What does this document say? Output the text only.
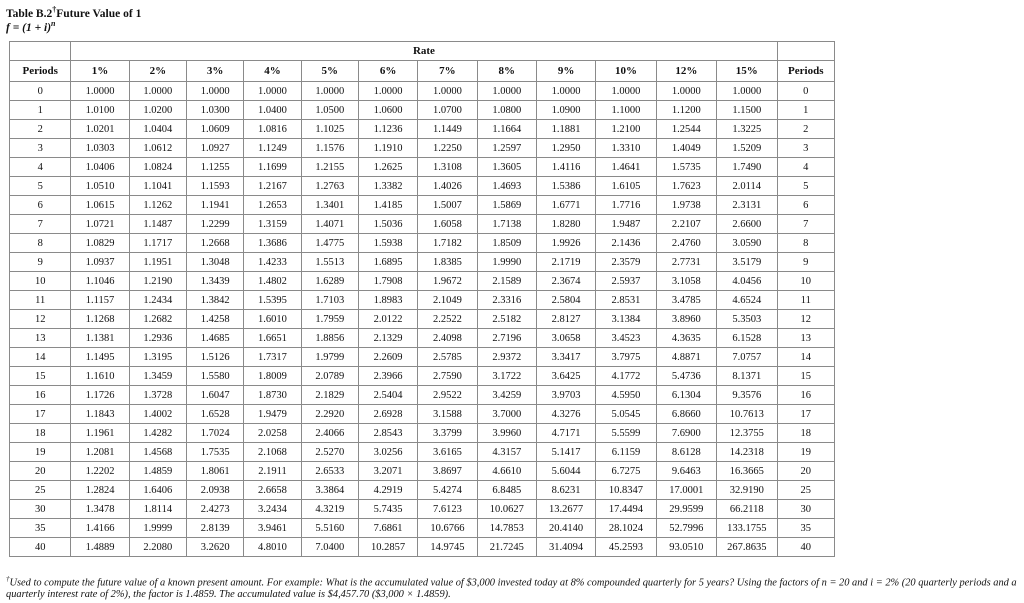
Table B.2†Future Value of 1
$f = (1 + i)^n$
	Rate												
Periods	1%	2%	3%	4%	5%	6%	7%	8%	9%	10%	12%	15%	Periods
0	1.0000	1.0000	1.0000	1.0000	1.0000	1.0000	1.0000	1.0000	1.0000	1.0000	1.0000	1.0000	0
1	1.0100	1.0200	1.0300	1.0400	1.0500	1.0600	1.0700	1.0800	1.0900	1.1000	1.1200	1.1500	1
2	1.0201	1.0404	1.0609	1.0816	1.1025	1.1236	1.1449	1.1664	1.1881	1.2100	1.2544	1.3225	2
3	1.0303	1.0612	1.0927	1.1249	1.1576	1.1910	1.2250	1.2597	1.2950	1.3310	1.4049	1.5209	3
4	1.0406	1.0824	1.1255	1.1699	1.2155	1.2625	1.3108	1.3605	1.4116	1.4641	1.5735	1.7490	4
5	1.0510	1.1041	1.1593	1.2167	1.2763	1.3382	1.4026	1.4693	1.5386	1.6105	1.7623	2.0114	5
6	1.0615	1.1262	1.1941	1.2653	1.3401	1.4185	1.5007	1.5869	1.6771	1.7716	1.9738	2.3131	6
7	1.0721	1.1487	1.2299	1.3159	1.4071	1.5036	1.6058	1.7138	1.8280	1.9487	2.2107	2.6600	7
8	1.0829	1.1717	1.2668	1.3686	1.4775	1.5938	1.7182	1.8509	1.9926	2.1436	2.4760	3.0590	8
9	1.0937	1.1951	1.3048	1.4233	1.5513	1.6895	1.8385	1.9990	2.1719	2.3579	2.7731	3.5179	9
10	1.1046	1.2190	1.3439	1.4802	1.6289	1.7908	1.9672	2.1589	2.3674	2.5937	3.1058	4.0456	10
11	1.1157	1.2434	1.3842	1.5395	1.7103	1.8983	2.1049	2.3316	2.5804	2.8531	3.4785	4.6524	11
12	1.1268	1.2682	1.4258	1.6010	1.7959	2.0122	2.2522	2.5182	2.8127	3.1384	3.8960	5.3503	12
13	1.1381	1.2936	1.4685	1.6651	1.8856	2.1329	2.4098	2.7196	3.0658	3.4523	4.3635	6.1528	13
14	1.1495	1.3195	1.5126	1.7317	1.9799	2.2609	2.5785	2.9372	3.3417	3.7975	4.8871	7.0757	14
15	1.1610	1.3459	1.5580	1.8009	2.0789	2.3966	2.7590	3.1722	3.6425	4.1772	5.4736	8.1371	15
16	1.1726	1.3728	1.6047	1.8730	2.1829	2.5404	2.9522	3.4259	3.9703	4.5950	6.1304	9.3576	16
17	1.1843	1.4002	1.6528	1.9479	2.2920	2.6928	3.1588	3.7000	4.3276	5.0545	6.8660	10.7613	17
18	1.1961	1.4282	1.7024	2.0258	2.4066	2.8543	3.3799	3.9960	4.7171	5.5599	7.6900	12.3755	18
19	1.2081	1.4568	1.7535	2.1068	2.5270	3.0256	3.6165	4.3157	5.1417	6.1159	8.6128	14.2318	19
20	1.2202	1.4859	1.8061	2.1911	2.6533	3.2071	3.8697	4.6610	5.6044	6.7275	9.6463	16.3665	20
25	1.2824	1.6406	2.0938	2.6658	3.3864	4.2919	5.4274	6.8485	8.6231	10.8347	17.0001	32.9190	25
30	1.3478	1.8114	2.4273	3.2434	4.3219	5.7435	7.6123	10.0627	13.2677	17.4494	29.9599	66.2118	30
35	1.4166	1.9999	2.8139	3.9461	5.5160	7.6861	10.6766	14.7853	20.4140	28.1024	52.7996	133.1755	35
40	1.4889	2.2080	3.2620	4.8010	7.0400	10.2857	14.9745	21.7245	31.4094	45.2593	93.0510	267.8635	40
†Used to compute the future value of a known present amount. For example: What is the accumulated value of $3,000 invested today at 8% compounded quarterly for 5 years? Using the factors of n = 20 and i = 2% (20 quarterly periods and a quarterly interest rate of 2%), the factor is 1.4859. The accumulated value is $4,457.70 ($3,000 × 1.4859).
